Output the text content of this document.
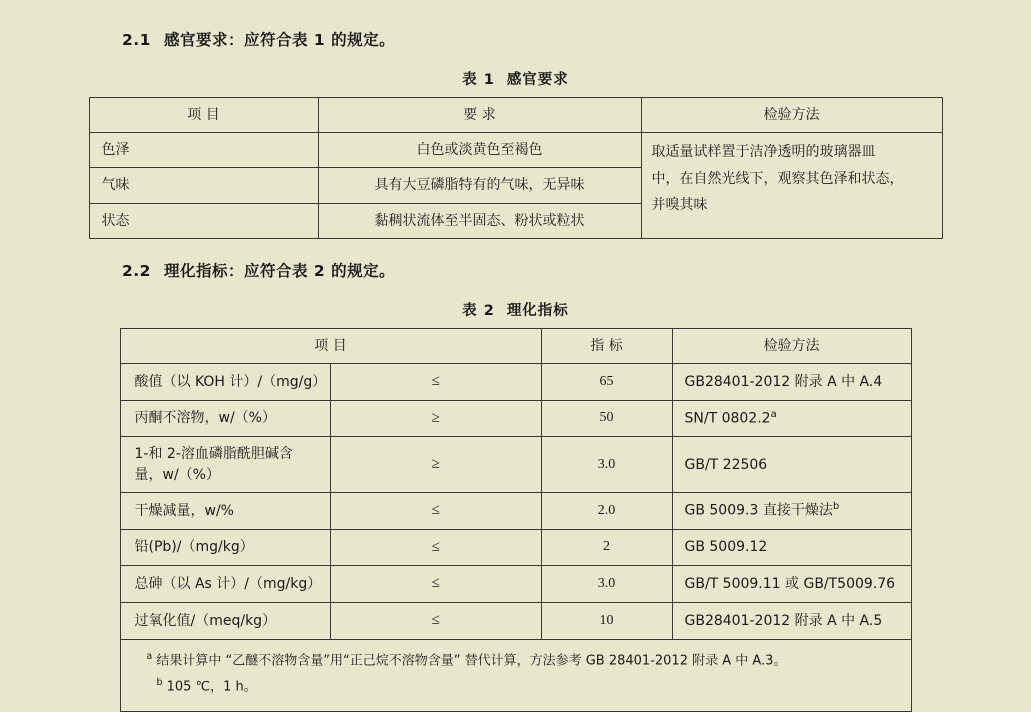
2.1 感官要求：应符合表 1 的规定。
表 1 感官要求
项 目	要 求	检验方法
色泽	白色或淡黄色至褐色	取适量试样置于洁净透明的玻璃器皿
中，在自然光线下，观察其色泽和状态，
并嗅其味

气味	具有大豆磷脂特有的气味，无异味	
状态	黏稠状流体至半固态、粉状或粒状	
2.2 理化指标：应符合表 2 的规定。
表 2 理化指标
项 目		指 标	检验方法
酸值（以 KOH 计）/（mg/g）	≤	65	GB28401-2012 附录 A 中 A.4
丙酮不溶物，w/（%）	≥	50	SN/T 0802.2$^a$
1-和 2-溶血磷脂酰胆碱含量，w/（%）	≥	3.0	GB/T 22506
干燥减量，w/%	≤	2.0	GB 5009.3 直接干燥法$^b$
铅(Pb)/（mg/kg）	≤	2	GB 5009.12
总砷（以 As 计）/（mg/kg）	≤	3.0	GB/T 5009.11 或 GB/T5009.76
过氧化值/（meq/kg）	≤	10	GB28401-2012 附录 A 中 A.5

$^a$ 结果计算中 “乙醚不溶物含量”用“正己烷不溶物含量” 替代计算，方法参考 GB 28401-2012 附录 A 中 A.3。
$^b$ 105 ℃，1 h。			
